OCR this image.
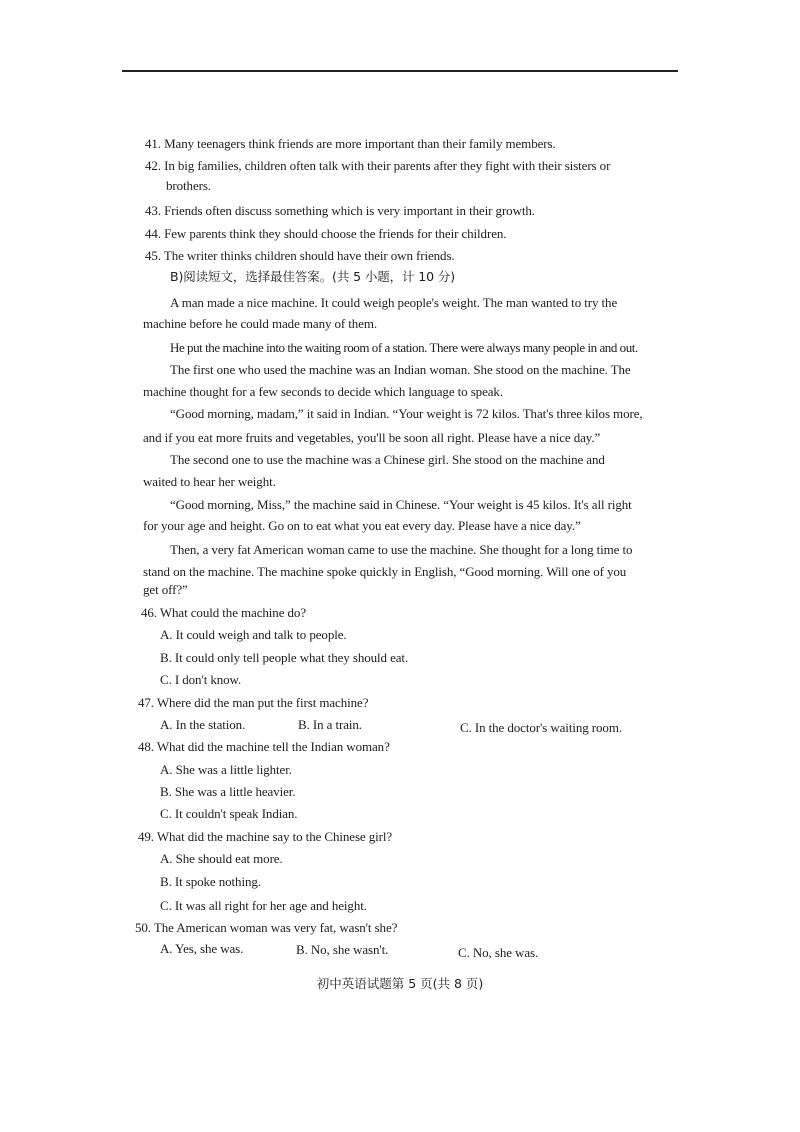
41. Many teenagers think friends are more important than their family members.
42. In big families, children often talk with their parents after they fight with their sisters or
brothers.
43. Friends often discuss something which is very important in their growth.
44. Few parents think they should choose the friends for their children.
45. The writer thinks children should have their own friends.
B)阅读短文，选择最佳答案。(共 5 小题，计 10 分)
A man made a nice machine. It could weigh people's weight. The man wanted to try the
machine before he could made many of them.
He put the machine into the waiting room of a station. There were always many people in and out.
The first one who used the machine was an Indian woman. She stood on the machine. The
machine thought for a few seconds to decide which language to speak.
“Good morning, madam,” it said in Indian. “Your weight is 72 kilos. That's three kilos more,
and if you eat more fruits and vegetables, you'll be soon all right. Please have a nice day.”
The second one to use the machine was a Chinese girl. She stood on the machine and
waited to hear her weight.
“Good morning, Miss,” the machine said in Chinese. “Your weight is 45 kilos. It's all right
for your age and height. Go on to eat what you eat every day. Please have a nice day.”
Then, a very fat American woman came to use the machine. She thought for a long time to
stand on the machine. The machine spoke quickly in English, “Good morning. Will one of you
get off?”
46. What could the machine do?
A. It could weigh and talk to people.
B. It could only tell people what they should eat.
C. I don't know.
47. Where did the man put the first machine?
A. In the station.	B. In a train.	C. In the doctor's waiting room.
48. What did the machine tell the Indian woman?
A. She was a little lighter.
B. She was a little heavier.
C. It couldn't speak Indian.
49. What did the machine say to the Chinese girl?
A. She should eat more.
B. It spoke nothing.
C. It was all right for her age and height.
50. The American woman was very fat, wasn't she?
A. Yes, she was.	B. No, she wasn't.	C. No, she was.
初中英语试题第 5 页(共 8 页)
